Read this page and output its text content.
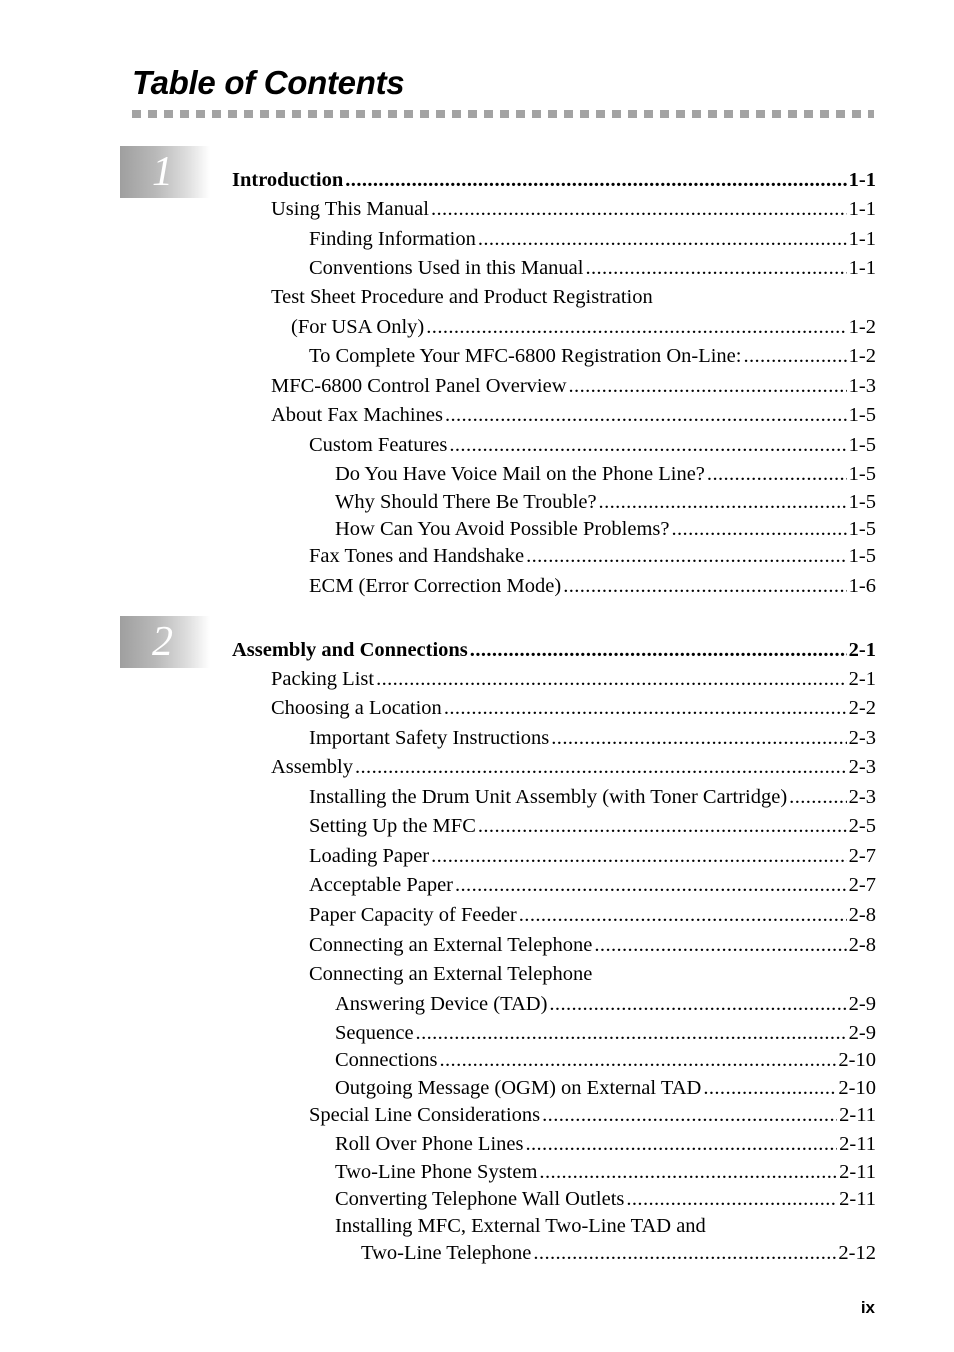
Table of Contents
1
2
Introduction .....	1-1
Using This Manual .....	1-1
Finding Information .....	1-1
Conventions Used in this Manual .....	1-1
Test Sheet Procedure and Product Registration
(For USA Only) .....	1-2
To Complete Your MFC-6800 Registration On-Line: .....	1-2
MFC-6800 Control Panel Overview .....	1-3
About Fax Machines .....	1-5
Custom Features .....	1-5
Do You Have Voice Mail on the Phone Line? .....	1-5
Why Should There Be Trouble? .....	1-5
How Can You Avoid Possible Problems? .....	1-5
Fax Tones and Handshake .....	1-5
ECM (Error Correction Mode) .....	1-6
Assembly and Connections .....	2-1
Packing List .....	2-1
Choosing a Location .....	2-2
Important Safety Instructions .....	2-3
Assembly .....	2-3
Installing the Drum Unit Assembly (with Toner Cartridge) .....	2-3
Setting Up the MFC .....	2-5
Loading Paper .....	2-7
Acceptable Paper .....	2-7
Paper Capacity of Feeder .....	2-8
Connecting an External Telephone .....	2-8
Connecting an External Telephone
Answering Device (TAD) .....	2-9
Sequence .....	2-9
Connections .....	2-10
Outgoing Message (OGM) on External TAD .....	2-10
Special Line Considerations .....	2-11
Roll Over Phone Lines .....	2-11
Two-Line Phone System .....	2-11
Converting Telephone Wall Outlets .....	2-11
Installing MFC, External Two-Line TAD and
Two-Line Telephone .....	2-12
ix
